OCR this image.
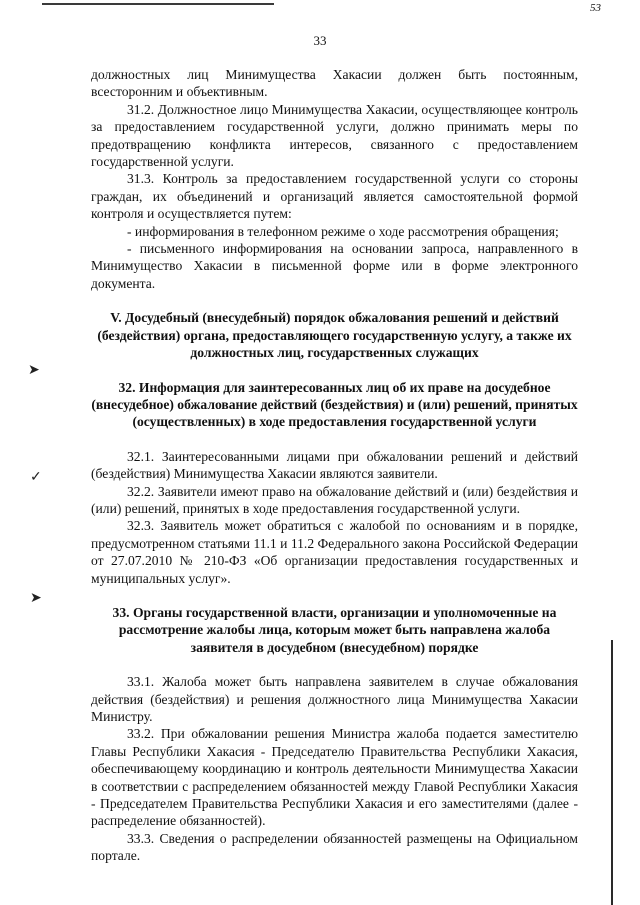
53
33
➤
✓
➤

должностных лиц Минимущества Хакасии должен быть постоянным, всесторонним и объективным.

31.2. Должностное лицо Минимущества Хакасии, осуществляющее контроль за предоставлением государственной услуги, должно принимать меры по предотвращению конфликта интересов, связанного с предоставлением государственной услуги.

31.3. Контроль за предоставлением государственной услуги со стороны граждан, их объединений и организаций является самостоятельной формой контроля и осуществляется путем:

- информирования в телефонном режиме о ходе рассмотрения обращения;

- письменного информирования на основании запроса, направленного в Минимущество Хакасии в письменной форме или в форме электронного документа.

V. Досудебный (внесудебный) порядок обжалования решений и действий (бездействия) органа, предоставляющего государственную услугу, а также их должностных лиц, государственных служащих

32. Информация для заинтересованных лиц об их праве на досудебное (внесудебное) обжалование действий (бездействия) и (или) решений, принятых (осуществленных) в ходе предоставления государственной услуги

32.1. Заинтересованными лицами при обжаловании решений и действий (бездействия) Минимущества Хакасии являются заявители.

32.2. Заявители имеют право на обжалование действий и (или) бездействия и (или) решений, принятых в ходе предоставления государственной услуги.

32.3. Заявитель может обратиться с жалобой по основаниям и в порядке, предусмотренном статьями 11.1 и 11.2 Федерального закона Российской Федерации от 27.07.2010 № 210-ФЗ «Об организации предоставления государственных и муниципальных услуг».

33. Органы государственной власти, организации и уполномоченные на рассмотрение жалобы лица, которым может быть направлена жалоба заявителя в досудебном (внесудебном) порядке

33.1. Жалоба может быть направлена заявителем в случае обжалования действия (бездействия) и решения должностного лица Минимущества Хакасии Министру.

33.2. При обжаловании решения Министра жалоба подается заместителю Главы Республики Хакасия - Председателю Правительства Республики Хакасия, обеспечивающему координацию и контроль деятельности Минимущества Хакасии в соответствии с распределением обязанностей между Главой Республики Хакасия - Председателем Правительства Республики Хакасия и его заместителями (далее - распределение обязанностей).

33.3. Сведения о распределении обязанностей размещены на Официальном портале.
